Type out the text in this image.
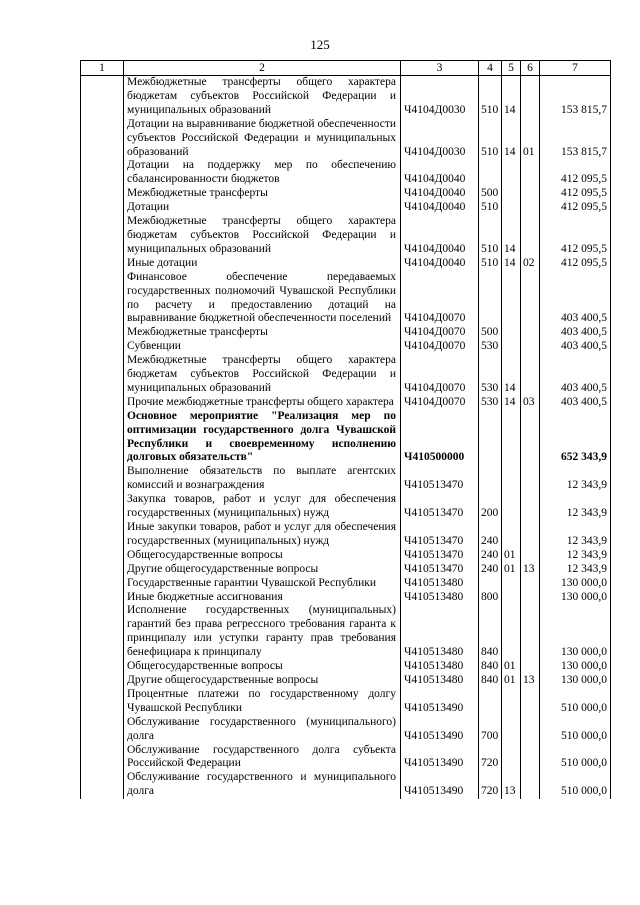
125
1	2	3	4	5	6	7
	Межбюджетные трансферты общего характера бюджетам субъектов Российской Федерации и муниципальных образований	Ч4104Д0030	510	14		153 815,7
	Дотации на выравнивание бюджетной обеспеченности субъектов Российской Федерации и муниципальных образований	Ч4104Д0030	510	14	01	153 815,7
	Дотации на поддержку мер по обеспечению сбалансированности бюджетов	Ч4104Д0040				412 095,5
	Межбюджетные трансферты	Ч4104Д0040	500			412 095,5
	Дотации	Ч4104Д0040	510			412 095,5
	Межбюджетные трансферты общего характера бюджетам субъектов Российской Федерации и муниципальных образований	Ч4104Д0040	510	14		412 095,5
	Иные дотации	Ч4104Д0040	510	14	02	412 095,5
	Финансовое обеспечение передаваемых государственных полномочий Чувашской Республики по расчету и предоставлению дотаций на выравнивание бюджетной обеспеченности поселений	Ч4104Д0070				403 400,5
	Межбюджетные трансферты	Ч4104Д0070	500			403 400,5
	Субвенции	Ч4104Д0070	530			403 400,5
	Межбюджетные трансферты общего характера бюджетам субъектов Российской Федерации и муниципальных образований	Ч4104Д0070	530	14		403 400,5
	Прочие межбюджетные трансферты общего характера	Ч4104Д0070	530	14	03	403 400,5
	Основное мероприятие "Реализация мер по оптимизации государственного долга Чувашской Республики и своевременному исполнению долговых обязательств"	Ч410500000				652 343,9
	Выполнение обязательств по выплате агентских комиссий и вознаграждения	Ч410513470				12 343,9
	Закупка товаров, работ и услуг для обеспечения государственных (муниципальных) нужд	Ч410513470	200			12 343,9
	Иные закупки товаров, работ и услуг для обеспечения государственных (муниципальных) нужд	Ч410513470	240			12 343,9
	Общегосударственные вопросы	Ч410513470	240	01		12 343,9
	Другие общегосударственные вопросы	Ч410513470	240	01	13	12 343,9
	Государственные гарантии Чувашской Республики	Ч410513480				130 000,0
	Иные бюджетные ассигнования	Ч410513480	800			130 000,0
	Исполнение государственных (муниципальных) гарантий без права регрессного требования гаранта к принципалу или уступки гаранту прав требования бенефициара к принципалу	Ч410513480	840			130 000,0
	Общегосударственные вопросы	Ч410513480	840	01		130 000,0
	Другие общегосударственные вопросы	Ч410513480	840	01	13	130 000,0
	Процентные платежи по государственному долгу Чувашской Республики	Ч410513490				510 000,0
	Обслуживание государственного (муниципального) долга	Ч410513490	700			510 000,0
	Обслуживание государственного долга субъекта Российской Федерации	Ч410513490	720			510 000,0
	Обслуживание государственного и муниципального долга	Ч410513490	720	13		510 000,0
